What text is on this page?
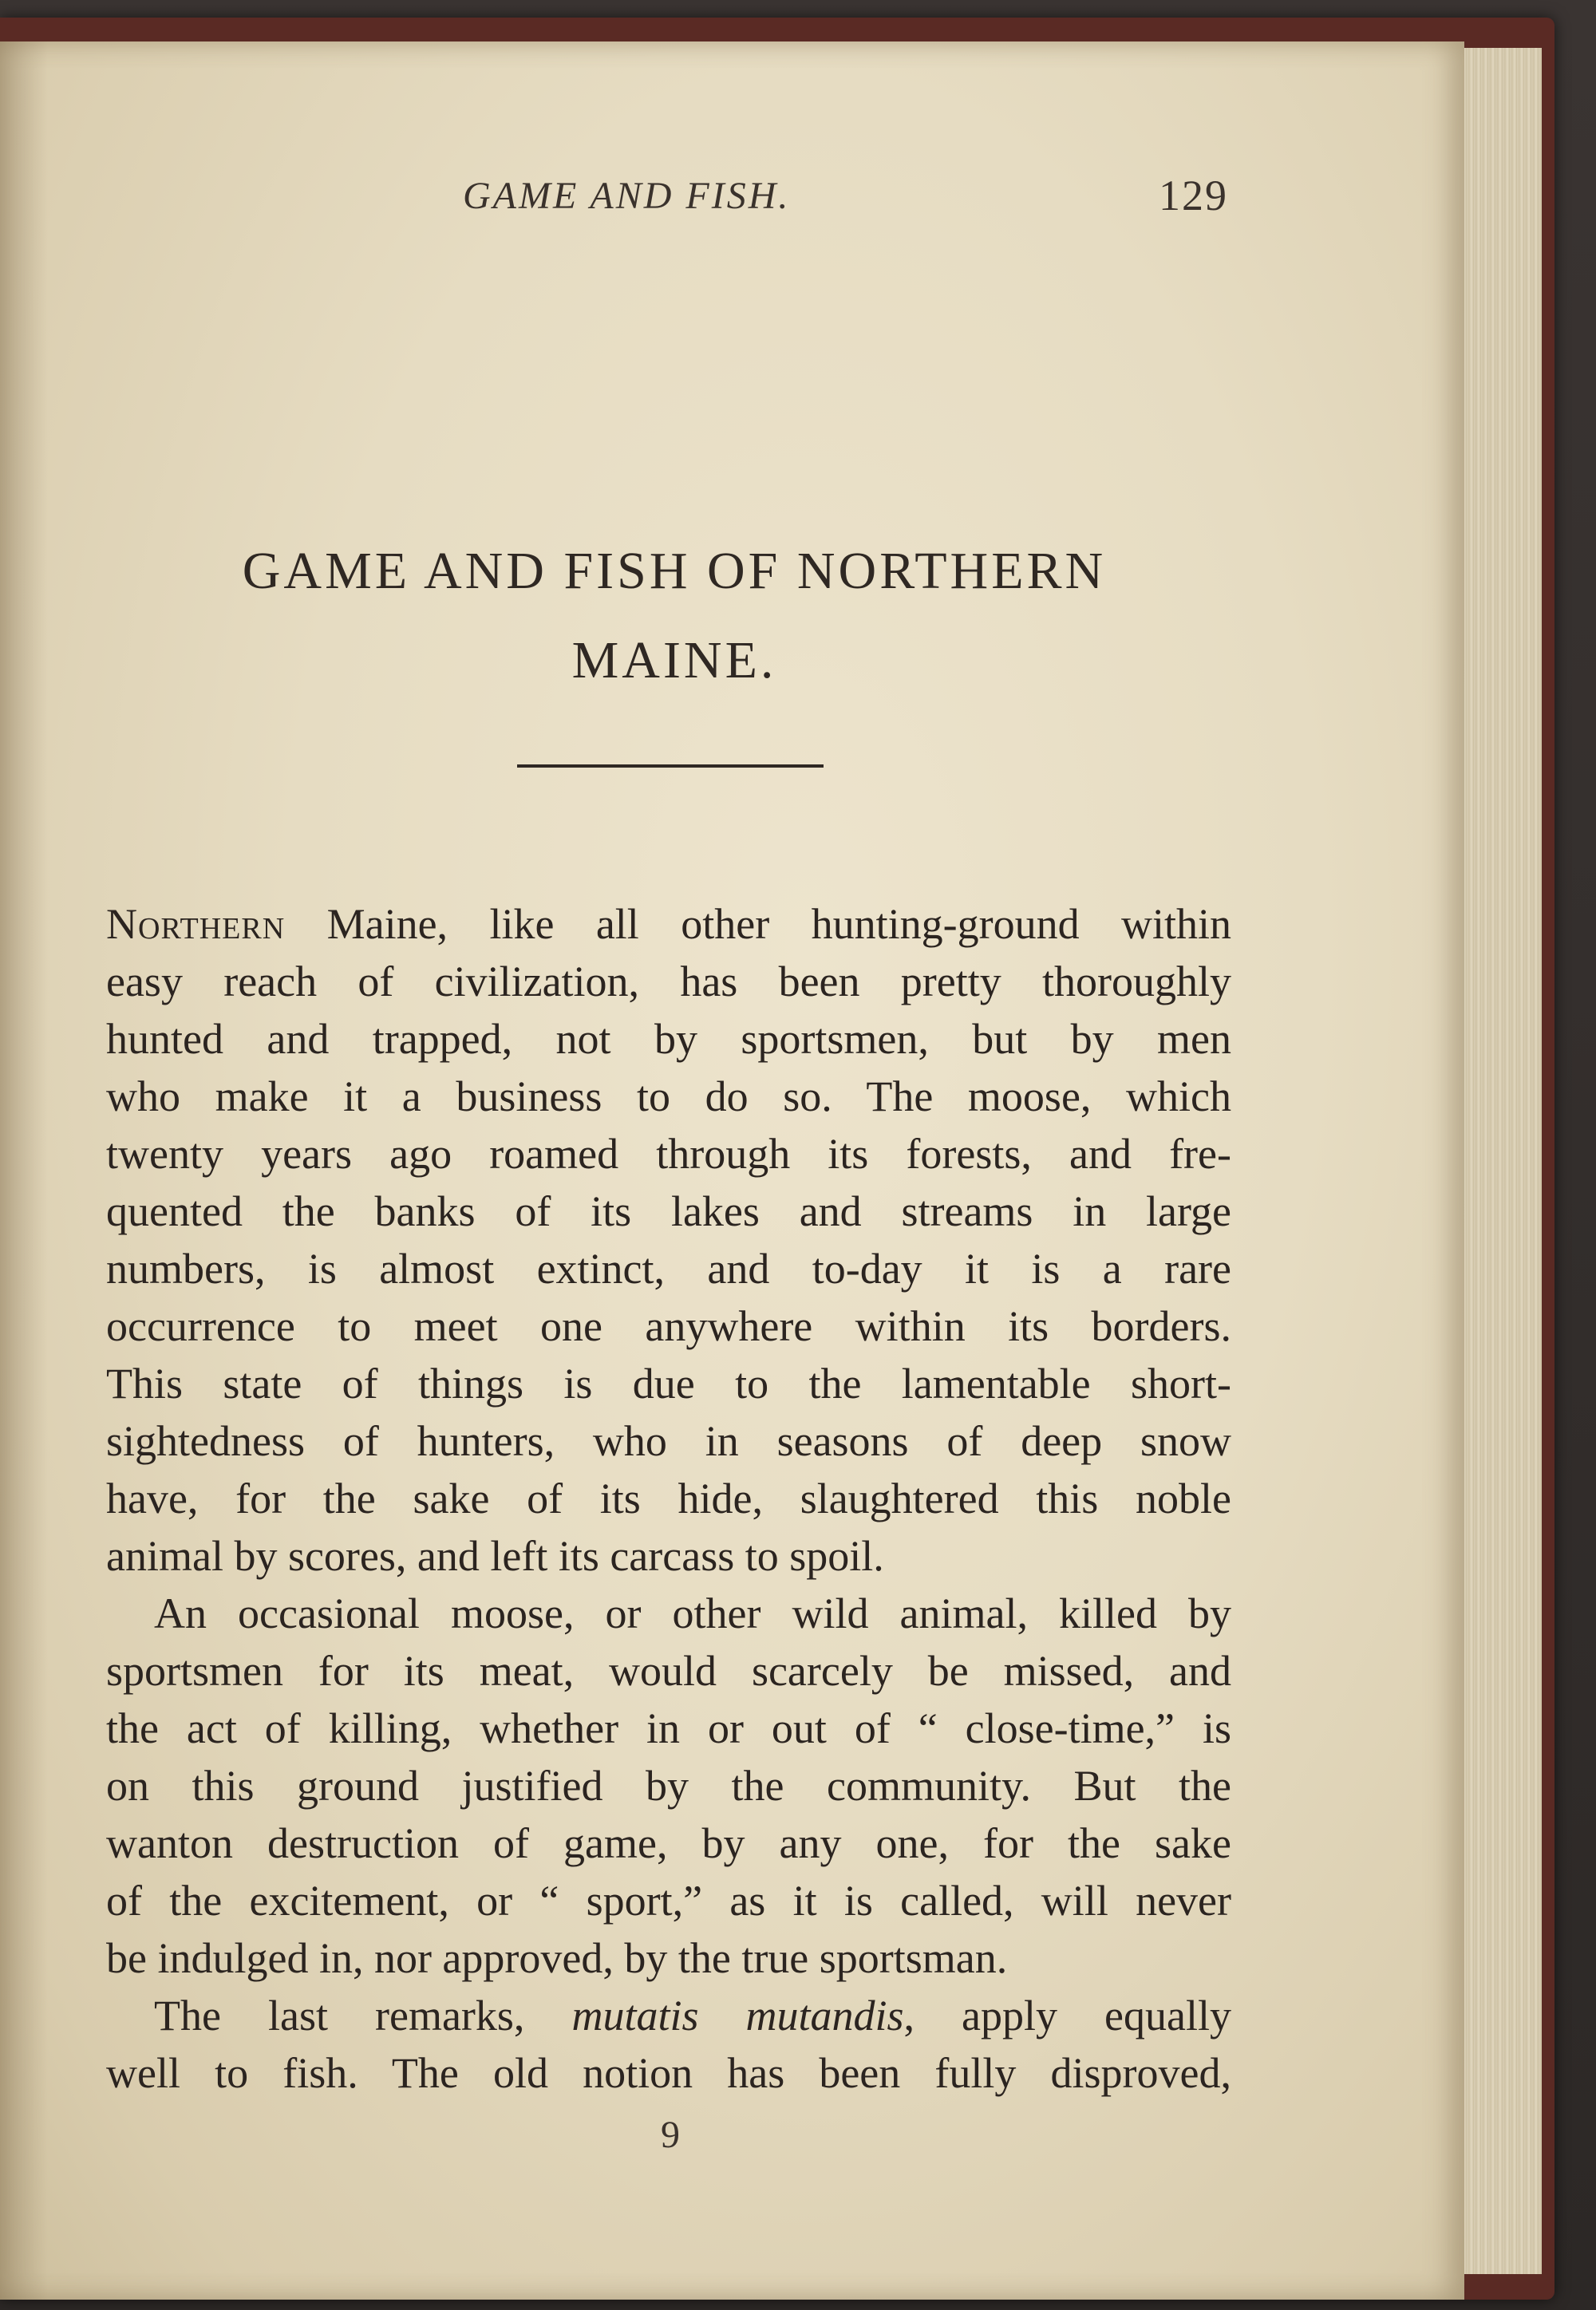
GAME AND FISH.	129
GAME AND FISH OF NORTHERN
MAINE.
Northern Maine, like all other hunting-ground within
easy reach of civilization, has been pretty thoroughly
hunted and trapped, not by sportsmen, but by men
who make it a business to do so. The moose, which
twenty years ago roamed through its forests, and fre-
quented the banks of its lakes and streams in large
numbers, is almost extinct, and to-day it is a rare
occurrence to meet one anywhere within its borders.
This state of things is due to the lamentable short-
sightedness of hunters, who in seasons of deep snow
have, for the sake of its hide, slaughtered this noble
animal by scores, and left its carcass to spoil.
An occasional moose, or other wild animal, killed by
sportsmen for its meat, would scarcely be missed, and
the act of killing, whether in or out of “ close-time,” is
on this ground justified by the community. But the
wanton destruction of game, by any one, for the sake
of the excitement, or “ sport,” as it is called, will never
be indulged in, nor approved, by the true sportsman.
The last remarks, mutatis mutandis, apply equally
well to fish. The old notion has been fully disproved,
9
